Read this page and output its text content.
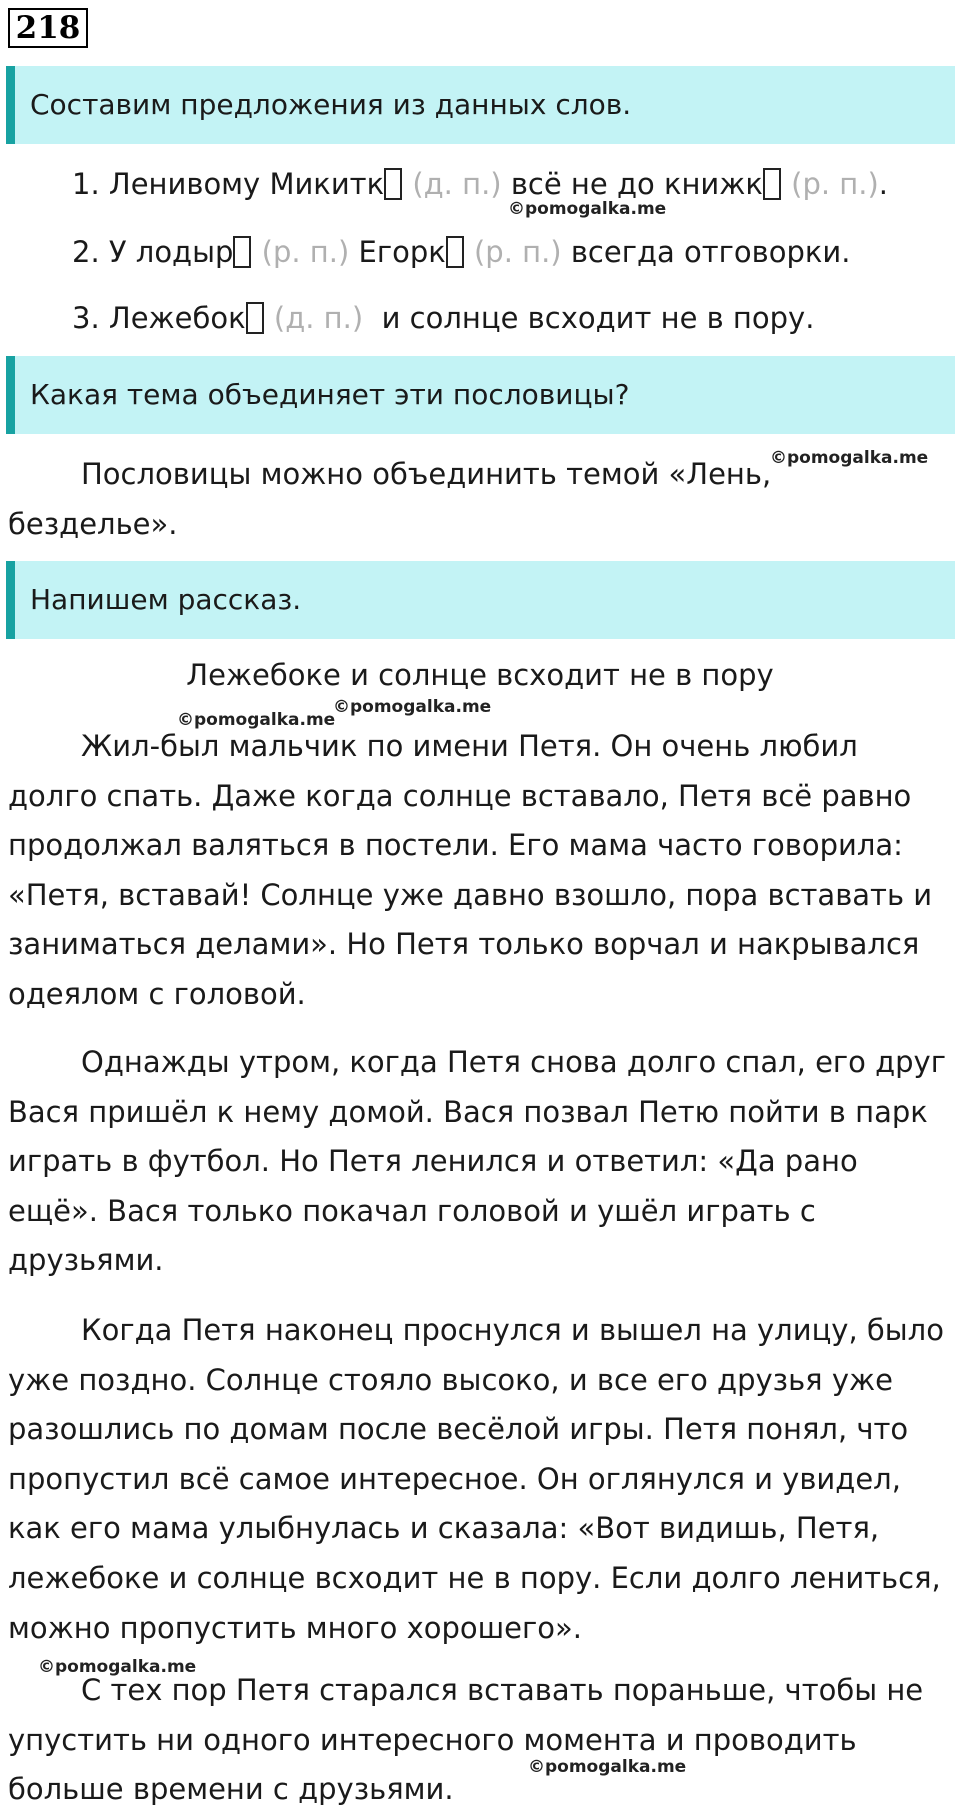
218
Составим предложения из данных слов.
1. Ленивому Микитк (д. п.) всё не до книжк (р. п.).
©pomogalka.me
2. У лодыр (р. п.) Егорк (р. п.) всегда отговорки.
3. Лежебок (д. п.) и солнце всходит не в пору.
Какая тема объединяет эти пословицы?
©pomogalka.me
Пословицы можно объединить темой «Лень,
безделье».
Напишем рассказ.
Лежебоке и солнце всходит не в пору
©pomogalka.me
©pomogalka.me

Жил-был мальчик по имени Петя. Он очень любил долго спать. Даже когда солнце вставало, Петя всё равно продолжал валяться в постели. Его мама часто говорила: «Петя, вставай! Солнце уже давно взошло, пора вставать и заниматься делами». Но Петя только ворчал и накрывался одеялом с головой.

Однажды утром, когда Петя снова долго спал, его друг Вася пришёл к нему домой. Вася позвал Петю пойти в парк играть в футбол. Но Петя ленился и ответил: «Да рано ещё». Вася только покачал головой и ушёл играть с друзьями.

Когда Петя наконец проснулся и вышел на улицу, было уже поздно. Солнце стояло высоко, и все его друзья уже разошлись по домам после весёлой игры. Петя понял, что пропустил всё самое интересное. Он оглянулся и увидел, как его мама улыбнулась и сказала: «Вот видишь, Петя, лежебоке и солнце всходит не в пору. Если долго лениться, можно пропустить много хорошего».

©pomogalka.me

С тех пор Петя старался вставать пораньше, чтобы не упустить ни одного интересного момента и проводить больше времени с друзьями.

©pomogalka.me
